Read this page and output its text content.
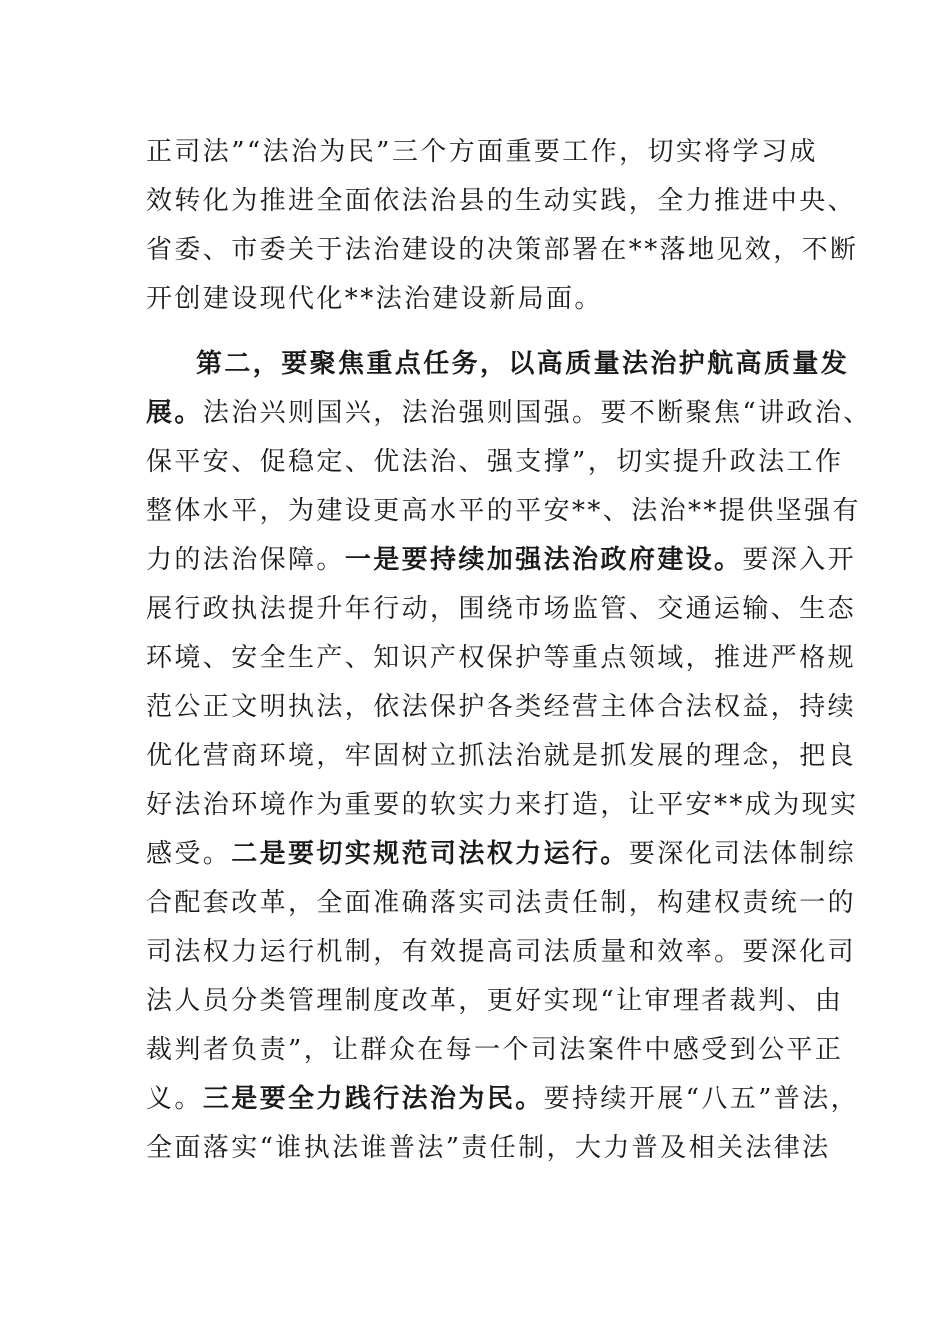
正司法”“法治为民”三个方面重要工作，切实将学习成
效转化为推进全面依法治县的生动实践，全力推进中央、
省委、市委关于法治建设的决策部署在**落地见效，不断
开创建设现代化**法治建设新局面。
第二，要聚焦重点任务，以高质量法治护航高质量发
展。法治兴则国兴，法治强则国强。要不断聚焦“讲政治、
保平安、促稳定、优法治、强支撑”，切实提升政法工作
整体水平，为建设更高水平的平安**、法治**提供坚强有
力的法治保障。一是要持续加强法治政府建设。要深入开
展行政执法提升年行动，围绕市场监管、交通运输、生态
环境、安全生产、知识产权保护等重点领域，推进严格规
范公正文明执法，依法保护各类经营主体合法权益，持续
优化营商环境，牢固树立抓法治就是抓发展的理念，把良
好法治环境作为重要的软实力来打造，让平安**成为现实
感受。二是要切实规范司法权力运行。要深化司法体制综
合配套改革，全面准确落实司法责任制，构建权责统一的
司法权力运行机制，有效提高司法质量和效率。要深化司
法人员分类管理制度改革，更好实现“让审理者裁判、由
裁判者负责”，让群众在每一个司法案件中感受到公平正
义。三是要全力践行法治为民。要持续开展“八五”普法，
全面落实“谁执法谁普法”责任制，大力普及相关法律法
